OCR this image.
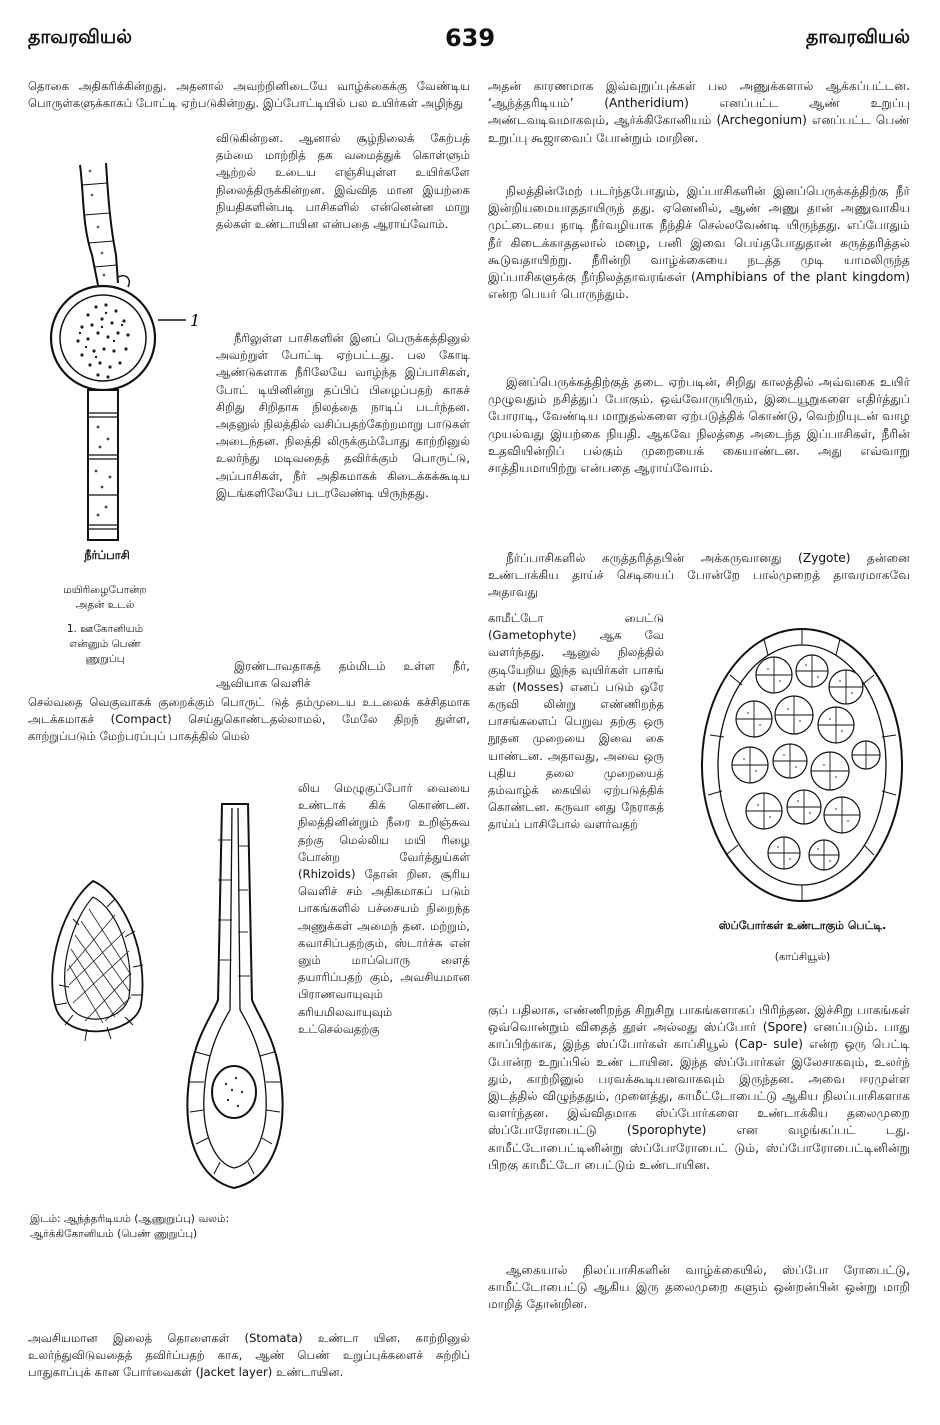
தாவரவியல்	639	தாவரவியல்

தொகை அதிகரிக்கின்றது. அதனால் அவற்றினிடையே வாழ்க்கைக்கு வேண்டிய பொருள்களுக்காகப் போட்டி ஏற்படுகின்றது. இப்போட்டியில் பல உயிர்கள் அழிந்து

விடுகின்றன. ஆனால் சூழ்நிலைக் கேற்பத் தம்மை மாற்றித் தக வமைத்துக் கொள்ளும் ஆற்றல் உடைய எஞ்சியுள்ள உயிர்களே நிலைத்திருக்கின்றன. இவ்வித மான இயற்கை நியதிகளின்படி பாசிகளில் என்னென்ன மாறு தல்கள் உண்டாயின என்பதை ஆராய்வோம்.

நீரிலுள்ள பாசிகளின் இனப் பெருக்கத்தினுல் அவற்றுள் போட்டி ஏற்பட்டது. பல கோடி ஆண்டுகளாக நீரிலேயே வாழ்ந்த இப்பாசிகள், போட் டியினின்று தப்பிப் பிழைப்பதற் காகச் சிறிது சிறிதாக நிலத்தை நாடிப் படர்ந்தன. அதனுல் நிலத்தில் வசிப்பதற்கேற்றமாறு பாடுகள் அடைந்தன. நிலத்தி லிருக்கும்போது காற்றினுல் உலர்ந்து மடிவதைத் தவிர்க்கும் பொருட்டு, அப்பாசிகள், நீர் அதிகமாகக் கிடைக்கக்கூடிய இடங்களிலேயே படரவேண்டி யிருந்தது.

இரண்டாவதாகத் தம்மிடம் உள்ள நீர், ஆவியாக வெளிச்

செல்வதை வெகுவாகக் குறைக்கும் பொருட் டுத் தம்முடைய உடலைக் கச்சிதமாக அடக்கமாகச் (Compact) செய்துகொண்டதல்லாமல், மேலே திறந் துள்ள, காற்றுப்படும் மேற்பரப்புப் பாகத்தில் மெல்

லிய மெழுகுப்போர் வையை உண்டாக் கிக் கொண்டன. நிலத்தினின்றும் நீரை உறிஞ்சுவ தற்கு மெல்லிய மயி ரிழை போன்ற வேர்த்துய்கள் (Rhizoids) தோன் றின. சூரிய வெளிச் சம் அதிகமாகப் படும் பாகங்களில் பச்சையம் நிறைந்த அணுக்கள் அமைந் தன. மற்றும், கவாசிப்பதற்கும், ஸ்டார்ச்சு என் னும் மாப்பொரு ளைத் தயாரிப்பதற் கும், அவசியமான பிராணவாயுவும் கரியமிலவாயுவும் உட்செல்வதற்கு

அவசியமான இலைத் தொளைகள் (Stomata) உண்டா யின. காற்றினுல் உலர்ந்துவிடுவதைத் தவிர்ப்பதற் காக, ஆண் பெண் உறுப்புக்களைச் சுற்றிப் பாதுகாப்புக் கான போர்வைகள் (Jacket layer) உண்டாயின.

அதன் காரணமாக இவ்வுறுப்புக்கள் பல அணுக்களால் ஆக்கப்பட்டன. ‘ஆந்த்தரிடியம்’ (Antheridium) எனப்பட்ட ஆண் உறுப்பு அண்டவடிவமாகவும், ஆர்க்கிகோனியம் (Archegonium) எனப்பட்ட பெண் உறுப்பு கூஜாவைப் போன்றும் மாறின.

நிலத்தின்மேற் படர்ந்தபோதும், இப்பாசிகளின் இனப்பெருக்கத்திற்கு நீர் இன்றியமையாததாயிருந் தது. ஏனெனில், ஆண் அணு தான் அணுவாகிய முட்டையை நாடி நீர்வழியாக நீந்திச் செல்லவேண்டி யிருந்தது. எப்போதும் நீர் கிடைக்காததலால் மழை, பனி இவை பெய்தபோதுதான் கருத்தரித்தல் கூடுவதாயிற்று. நீரின்றி வாழ்க்கையை நடத்த முடி யாமலிருந்த இப்பாசிகளுக்கு நீர்நிலத்தாவரங்கள் (Amphibians of the plant kingdom) என்ற பெயர் பொருந்தும்.

இனப்பெருக்கத்திற்குத் தடை ஏற்படின், சிறிது காலத்தில் அவ்வகை உயிர் முழுவதும் நசித்துப் போகும். ஒவ்வோருயிரும், இடையூறுகளை எதிர்த்துப் போராடி, வேண்டிய மாறுதல்களை ஏற்படுத்திக் கொண்டு, வெற்றியுடன் வாழ முயல்வது இயற்கை நியதி. ஆகவே நிலத்தை அடைந்த இப்பாசிகள், நீரின் உதவியின்றிப் பல்கும் முறையைக் கையாண்டன. அது எவ்வாறு சாத்தியமாயிற்று என்பதை ஆராய்வோம்.

நீர்ப்பாசிகளில் கருத்தரித்தபின் அக்கருவானது (Zygote) தன்னை உண்டாக்கிய தாய்ச் செடியைப் போன்றே பால்முறைத் தாவரமாகவே அதாவது

காமீட்டோ பைட்டு (Gametophyte) ஆக வே வளர்ந்தது. ஆனுல் நிலத்தில் குடியேறிய இந்த வுயிர்கள் பாசங் கள் (Mosses) எனப் படும் ஒரே கருவி லின்று எண்ணிறந்த பாசங்களைப் பெறுவ தற்கு ஒரு நூதன முறையை இவை கை யாண்டன. அதாவது, அவை ஒரு புதிய தலை முறையைத் தம்வாழ்க் கையில் ஏற்படுத்திக் கொண்டன. கருவா னது நேராகத் தாய்ப் பாசிபோல் வளர்வதற்

குப் பதிலாக, எண்ணிறந்த சிறுசிறு பாகங்களாகப் பிரிந்தன. இச்சிறு பாகங்கள் ஒவ்வொன்றும் விதைத் தூள் அல்லது ஸ்ப்போர் (Spore) எனப்படும். பாது காப்பிற்காக, இந்த ஸ்ப்போர்கள் காப்சியூல் (Cap- sule) என்ற ஒரு பெட்டி போன்ற உறுப்பில் உண் டாயின. இந்த ஸ்ப்போர்கள் இலேசாகவும், உலர்ந் தும், காற்றினுல் பரவக்கூடியனவாகவும் இருந்தன. அவை ஈரமுள்ள இடத்தில் விழுந்ததும், முளைத்து, காமீட்டோபைட்டு ஆகிய நிலப்பாசிகளாக வளர்ந்தன. இவ்விதமாக ஸ்ப்போர்களை உண்டாக்கிய தலைமுறை ஸ்ப்போரோபைட்டு (Sporophyte) என வழங்கப்பட் டது. காமீட்டோபைட்டினின்று ஸ்ப்போரோபைட் டும், ஸ்ப்போரோபைட்டினின்று பிறகு காமீட்டோ பைட்டும் உண்டாயின.

ஆகையால் நிலப்பாசிகளின் வாழ்க்கையில், ஸ்ப்போ ரோபைட்டு, காமீட்டோபைட்டு ஆகிய இரு தலைமுறை களும் ஒன்றன்பின் ஒன்று மாறி மாறித் தோன்றின.

1
நீர்ப்பாசி
மயிரிழைபோன்ற
அதன் உடல்
1. ஊகோனியம்
என்னும் பெண்
ணுறுப்பு
இடம்: ஆந்த்தரிடியம் (ஆணுறுப்பு) வலம்: ஆர்க்கிகோனியம் (பெண் ணுறுப்பு)
ஸ்ப்போர்கள் உண்டாகும் பெட்டி.
(காப்சியூல்)
